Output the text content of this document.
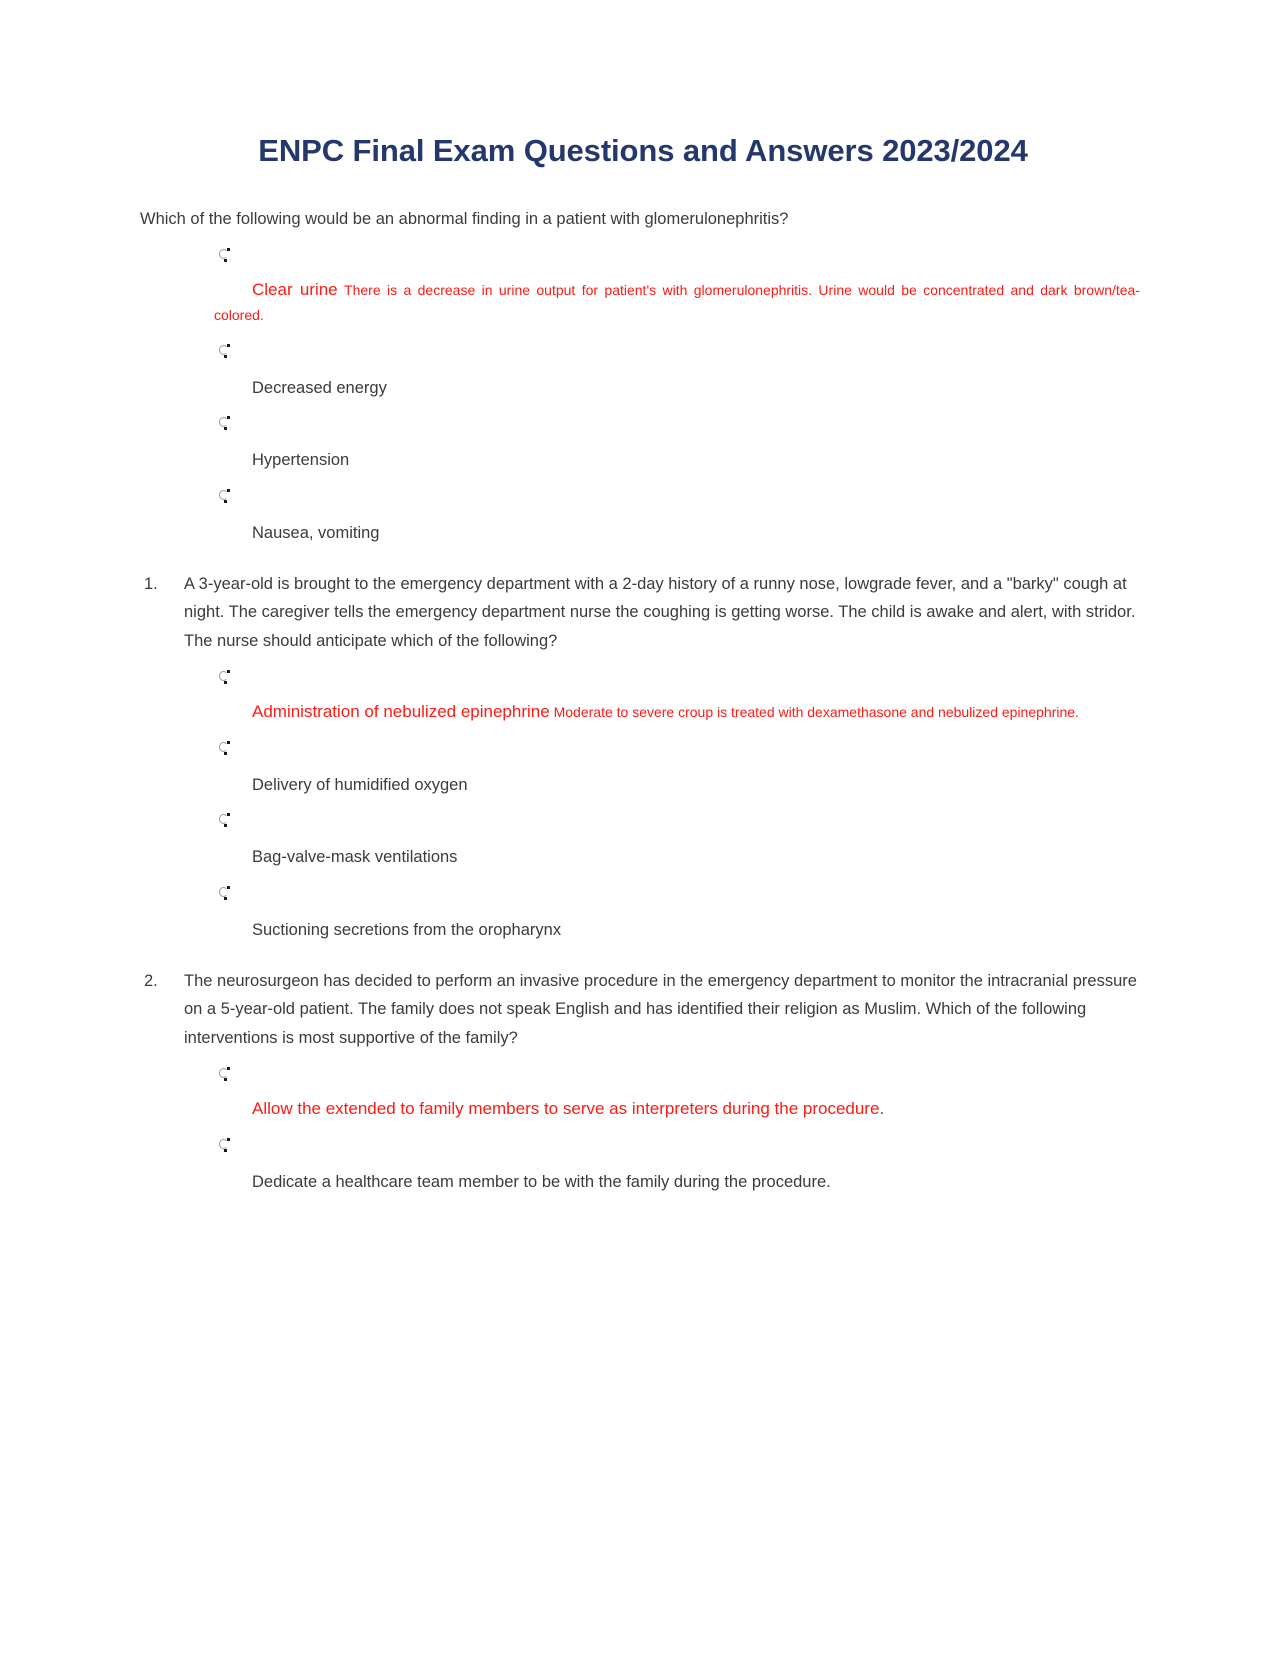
ENPC Final Exam Questions and Answers 2023/2024

Which of the following would be an abnormal finding in a patient with glomerulonephritis?

Clear urine There is a decrease in urine output for patient's with glomerulonephritis. Urine would be concentrated and dark brown/tea-colored.

Decreased energy

Hypertension

Nausea, vomiting

1. A 3-year-old is brought to the emergency department with a 2-day history of a runny nose, lowgrade fever, and a "barky" cough at night. The caregiver tells the emergency department nurse the coughing is getting worse. The child is awake and alert, with stridor. The nurse should anticipate which of the following?

Administration of nebulized epinephrine Moderate to severe croup is treated with dexamethasone and nebulized epinephrine.

Delivery of humidified oxygen

Bag-valve-mask ventilations

Suctioning secretions from the oropharynx

2. The neurosurgeon has decided to perform an invasive procedure in the emergency department to monitor the intracranial pressure on a 5-year-old patient. The family does not speak English and has identified their religion as Muslim. Which of the following interventions is most supportive of the family?

Allow the extended to family members to serve as interpreters during the procedure.

Dedicate a healthcare team member to be with the family during the procedure.
